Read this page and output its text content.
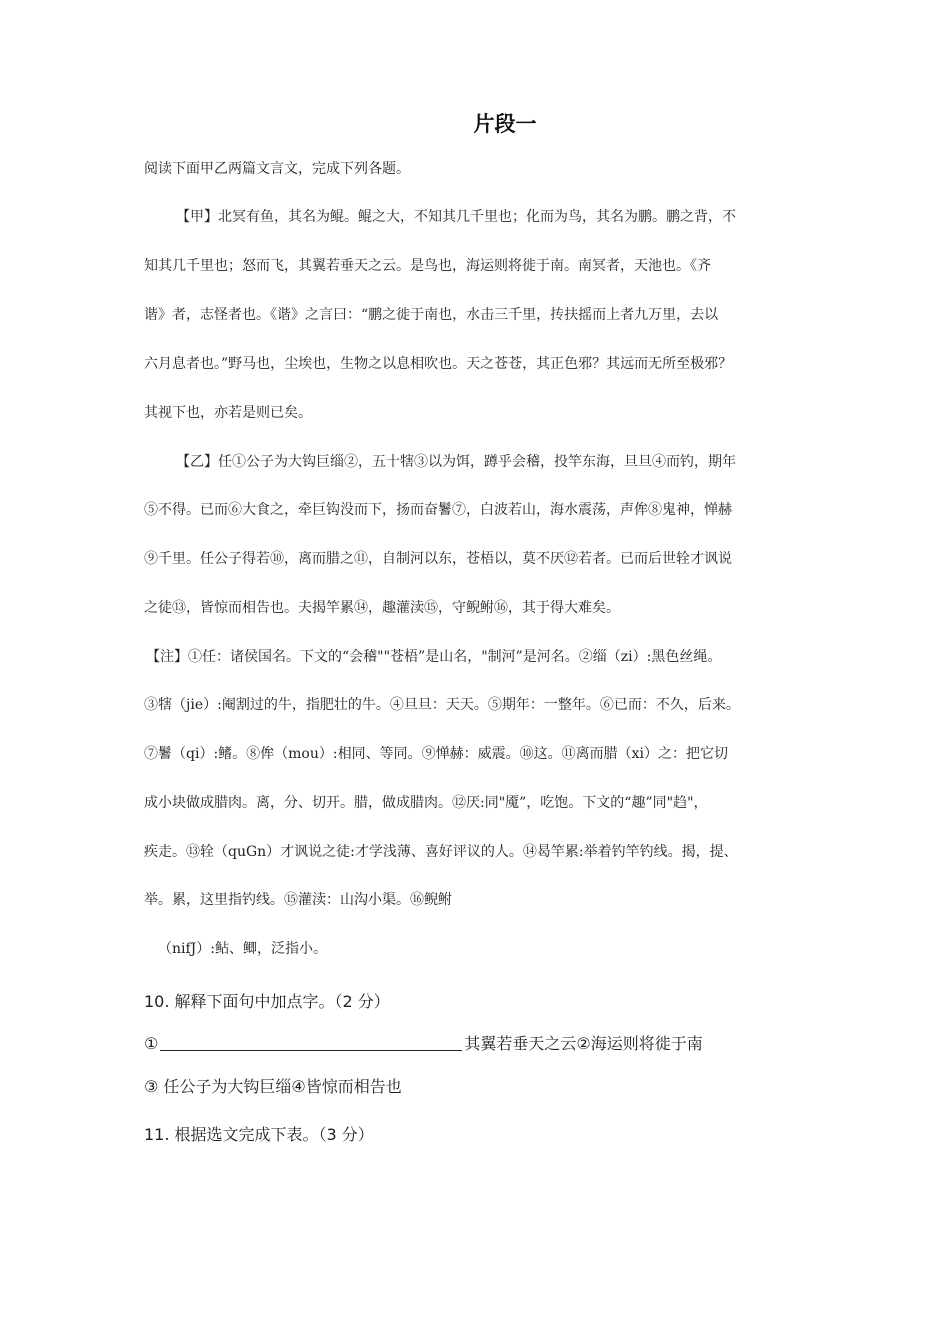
片段一
阅读下面甲乙两篇文言文，完成下列各题。
【甲】北冥有鱼，其名为鲲。鲲之大，不知其几千里也；化而为鸟，其名为鹏。鹏之背，不
知其几千里也；怒而飞，其翼若垂天之云。是鸟也，海运则将徙于南。南冥者，天池也。《齐
谐》者，志怪者也。《谐》之言曰：“鹏之徙于南也，水击三千里，抟扶摇而上者九万里，去以
六月息者也。”野马也，尘埃也，生物之以息相吹也。天之苍苍，其正色邪？其远而无所至极邪？
其视下也，亦若是则已矣。
【乙】任①公子为大钩巨缁②，五十犗③以为饵，蹲乎会稽，投竿东海，旦旦④而钓，期年
⑤不得。已而⑥大食之，牵巨钩没而下，扬而奋鬐⑦，白波若山，海水震荡，声侔⑧鬼神，惮赫
⑨千里。任公子得若⑩，离而腊之⑪，自制河以东，苍梧以，莫不厌⑫若者。已而后世辁才讽说
之徒⑬，皆惊而相告也。夫揭竿累⑭，趣灌渎⑮，守鲵鲋⑯，其于得大难矣。
【注】①任：诸侯国名。下文的“会稽""苍梧”是山名，"制河”是河名。②缁（zi）:黑色丝绳。
③犗（jie）:阉割过的牛，指肥壮的牛。④旦旦：天天。⑤期年：一整年。⑥已而：不久，后来。
⑦鬐（qi）:鳍。⑧侔（mou）:相同、等同。⑨惮赫：威震。⑩这。⑪离而腊（xi）之：把它切
成小块做成腊肉。离，分、切开。腊，做成腊肉。⑫厌:同"魇”，吃饱。下文的“趣”同"趋"，
疾走。⑬辁（quGn）才讽说之徒:才学浅薄、喜好评议的人。⑭曷竿累:举着钓竿钓线。揭，提、
举。累，这里指钓线。⑮灌渎：山沟小渠。⑯鲵鲋
（nifJ）:鲇、鲫，泛指小。
10. 解释下面句中加点字。（2 分）
①	其翼若垂天之云②海运则将徙于南
③ 任公子为大钩巨缁④皆惊而相告也
11. 根据选文完成下表。（3 分）
